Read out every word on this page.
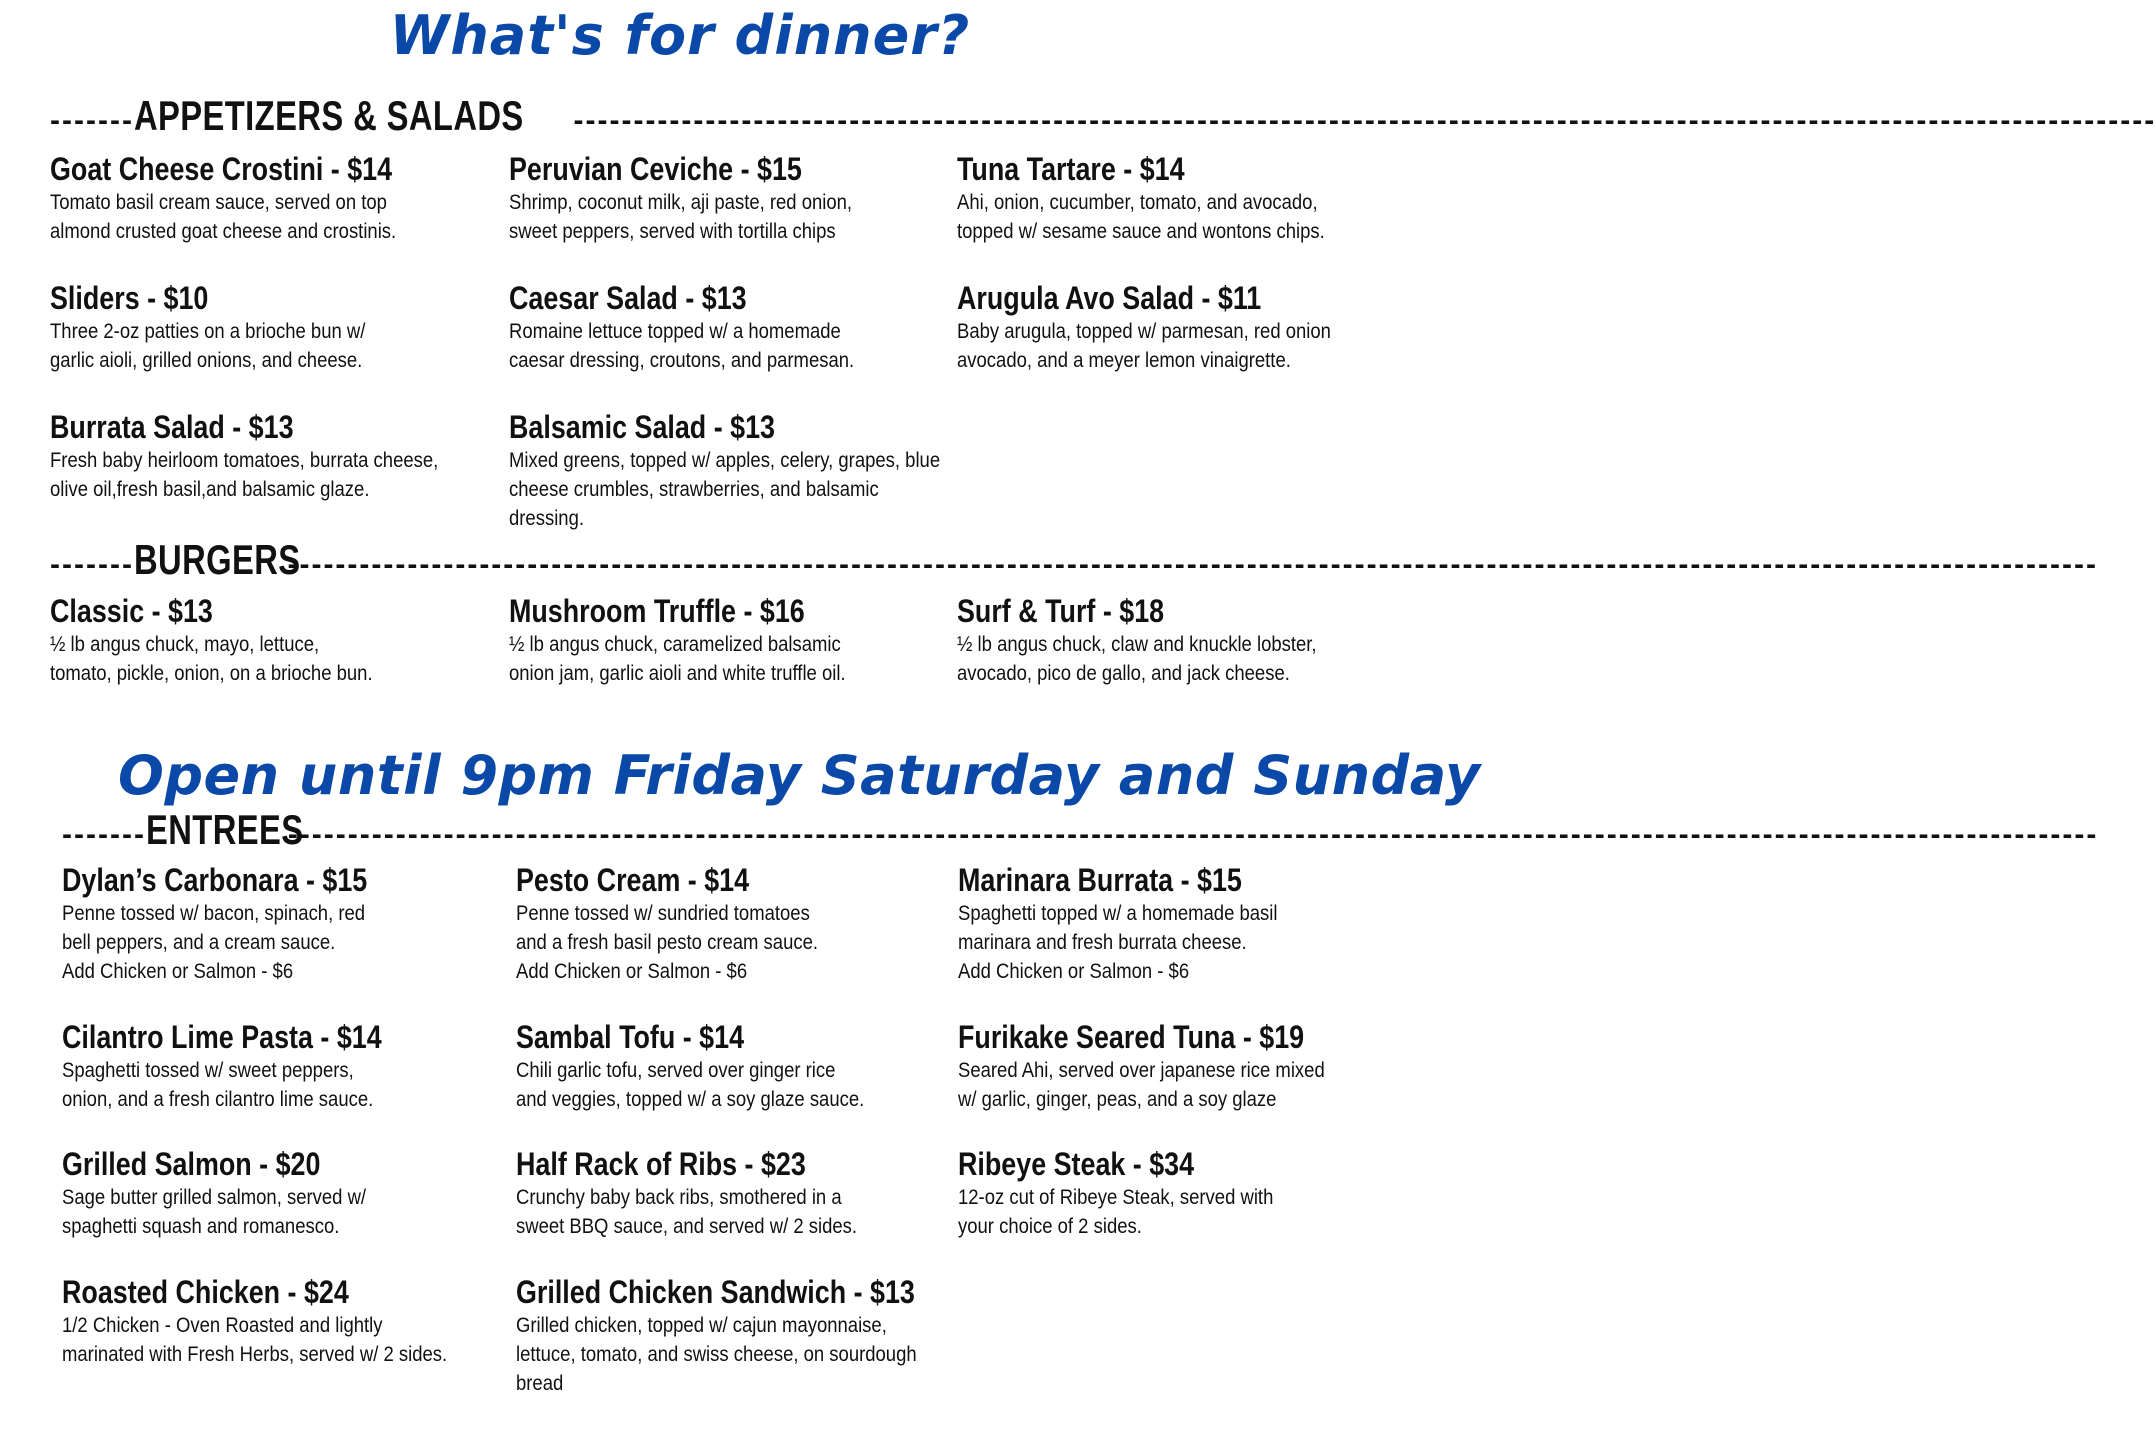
What's for dinner?
-------APPETIZERS & SALADS ------------------------------------------------------------------------------------------------------------------------------------
Goat Cheese Crostini - $14
Tomato basil cream sauce, served on top
almond crusted goat cheese and crostinis.
Peruvian Ceviche - $15
Shrimp, coconut milk, aji paste, red onion,
sweet peppers, served with tortilla chips
Tuna Tartare - $14
Ahi, onion, cucumber, tomato, and avocado,
topped w/ sesame sauce and wontons chips.
Sliders - $10
Three 2-oz patties on a brioche bun w/
garlic aioli, grilled onions, and cheese.
Caesar Salad - $13
Romaine lettuce topped w/ a homemade
caesar dressing, croutons, and parmesan.
Arugula Avo Salad - $11
Baby arugula, topped w/ parmesan, red onion
avocado, and a meyer lemon vinaigrette.
Burrata Salad - $13
Fresh baby heirloom tomatoes, burrata cheese,
olive oil,fresh basil,and balsamic glaze.
Balsamic Salad - $13
Mixed greens, topped w/ apples, celery, grapes, blue
cheese crumbles, strawberries, and balsamic dressing.
-------BURGERS-------------------------------------------------------------------------------------------------------------------------------------------------------
Classic - $13
½ lb angus chuck, mayo, lettuce,
tomato, pickle, onion, on a brioche bun.
Mushroom Truffle - $16
½ lb angus chuck, caramelized balsamic
onion jam, garlic aioli and white truffle oil.
Surf & Turf - $18
½ lb angus chuck, claw and knuckle lobster,
avocado, pico de gallo, and jack cheese.
Open until 9pm Friday Saturday and Sunday
-------ENTREES-------------------------------------------------------------------------------------------------------------------------------------------------------
Dylan’s Carbonara - $15
Penne tossed w/ bacon, spinach, red
bell peppers, and a cream sauce.
Add Chicken or Salmon - $6
Pesto Cream - $14
Penne tossed w/ sundried tomatoes
and a fresh basil pesto cream sauce.
Add Chicken or Salmon - $6
Marinara Burrata - $15
Spaghetti topped w/ a homemade basil
marinara and fresh burrata cheese.
Add Chicken or Salmon - $6
Cilantro Lime Pasta - $14
Spaghetti tossed w/ sweet peppers,
onion, and a fresh cilantro lime sauce.
Sambal Tofu - $14
Chili garlic tofu, served over ginger rice
and veggies, topped w/ a soy glaze sauce.
Furikake Seared Tuna - $19
Seared Ahi, served over japanese rice mixed
w/ garlic, ginger, peas, and a soy glaze
Grilled Salmon - $20
Sage butter grilled salmon, served w/
spaghetti squash and romanesco.
Half Rack of Ribs - $23
Crunchy baby back ribs, smothered in a
sweet BBQ sauce, and served w/ 2 sides.
Ribeye Steak - $34
12-oz cut of Ribeye Steak, served with
your choice of 2 sides.
Roasted Chicken - $24
1/2 Chicken - Oven Roasted and lightly
marinated with Fresh Herbs, served w/ 2 sides.
Grilled Chicken Sandwich - $13
Grilled chicken, topped w/ cajun mayonnaise,
lettuce, tomato, and swiss cheese, on sourdough bread
